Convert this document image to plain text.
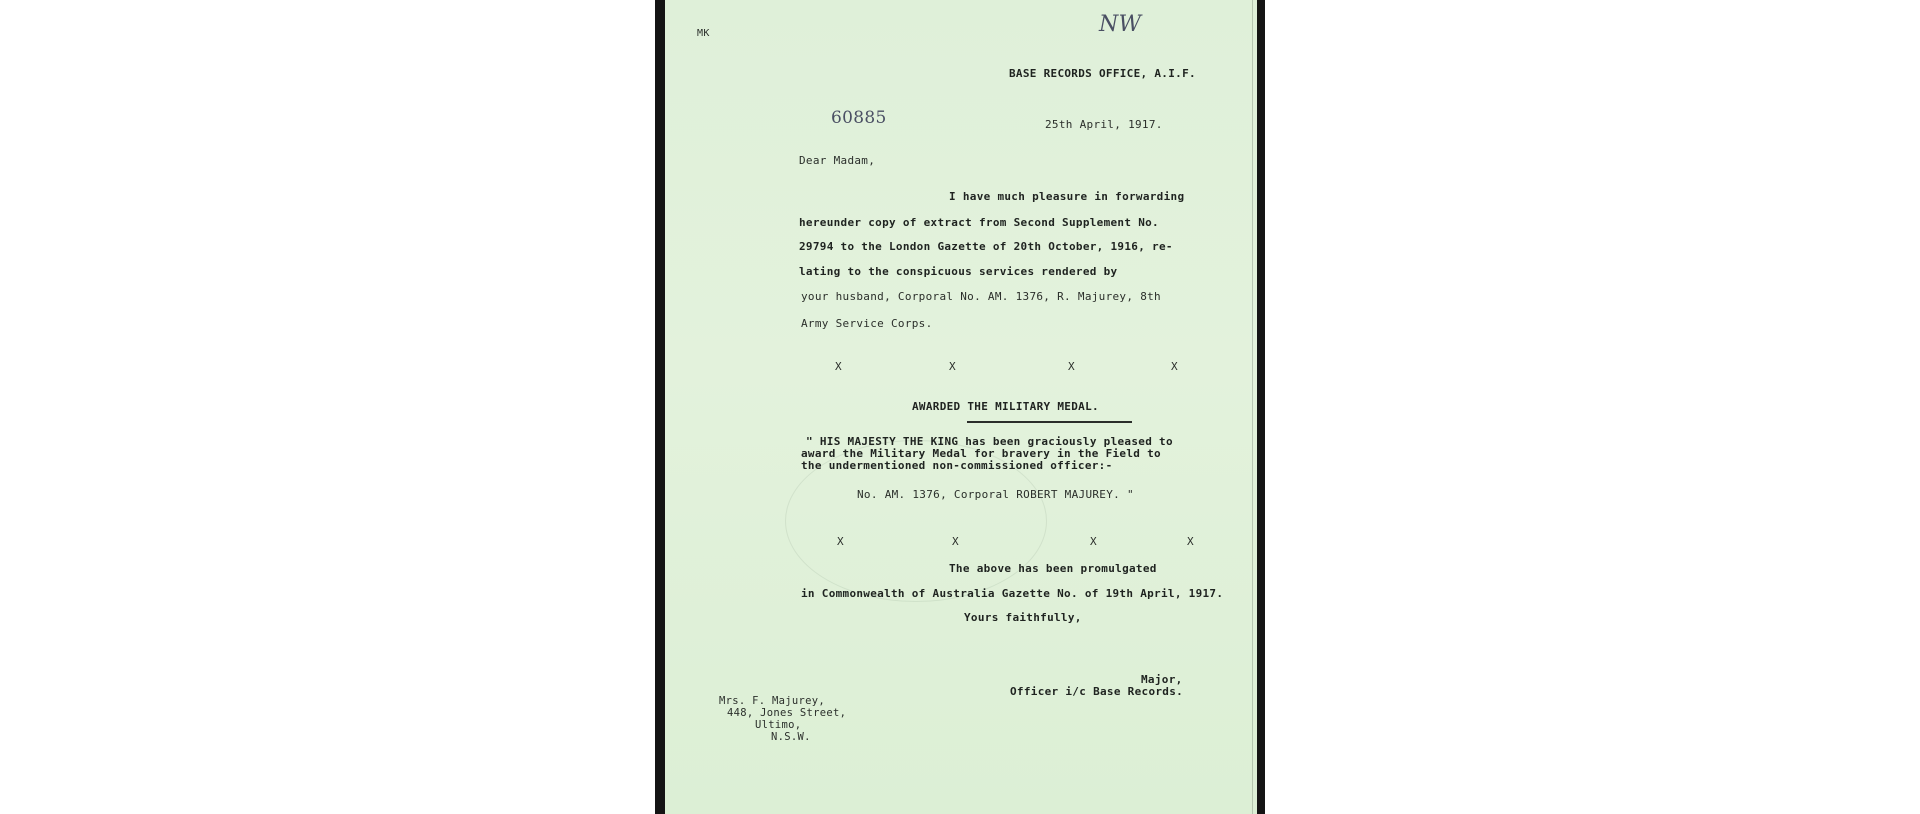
MK	NW
BASE RECORDS OFFICE, A.I.F.
60885	25th April, 1917.
Dear Madam,
I have much pleasure in forwarding
hereunder copy of extract from Second Supplement No.
29794 to the London Gazette of 20th October, 1916, re-
lating to the conspicuous services rendered by
your husband, Corporal No. AM. 1376, R. Majurey, 8th
Army Service Corps.
X	X	X	X
AWARDED THE MILITARY MEDAL.
" HIS MAJESTY THE KING has been graciously pleased to
award the Military Medal for bravery in the Field to
the undermentioned non-commissioned officer:-
No. AM. 1376, Corporal ROBERT MAJUREY. "
X	X	X	X
The above has been promulgated
in Commonwealth of Australia Gazette No. of 19th April, 1917.
Yours faithfully,
Major,
Officer i/c Base Records.
Mrs. F. Majurey,
448, Jones Street,
Ultimo,
N.S.W.
